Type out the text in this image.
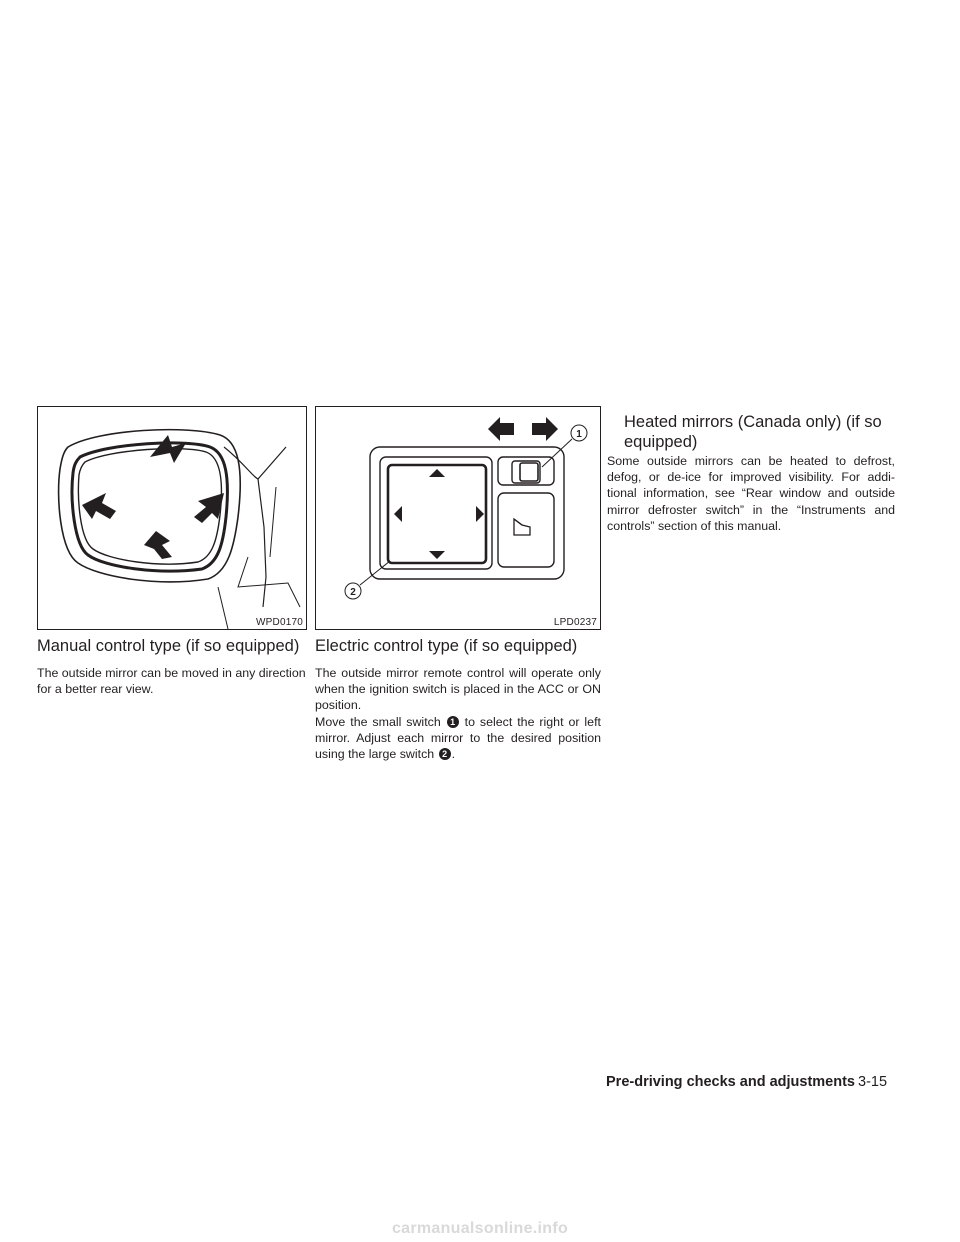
WPD0170
1
2
LPD0237
Manual control type (if so equipped)
The outside mirror can be moved in any direction
for a better rear view.
Electric control type (if so equipped)

The outside mirror remote control will operate only when the ignition switch is placed in the ACC or ON position.

Move the small switch 1 to select the right or left mirror. Adjust each mirror to the desired position using the large switch 2 .

Heated mirrors (Canada only) (if so
equipped)

Some outside mirrors can be heated to defrost, defog, or de-ice for improved visibility. For addi-tional information, see “Rear window and outside mirror defroster switch” in the “Instruments and controls” section of this manual.

Pre-driving checks and adjustments 3-15
carmanualsonline.info
